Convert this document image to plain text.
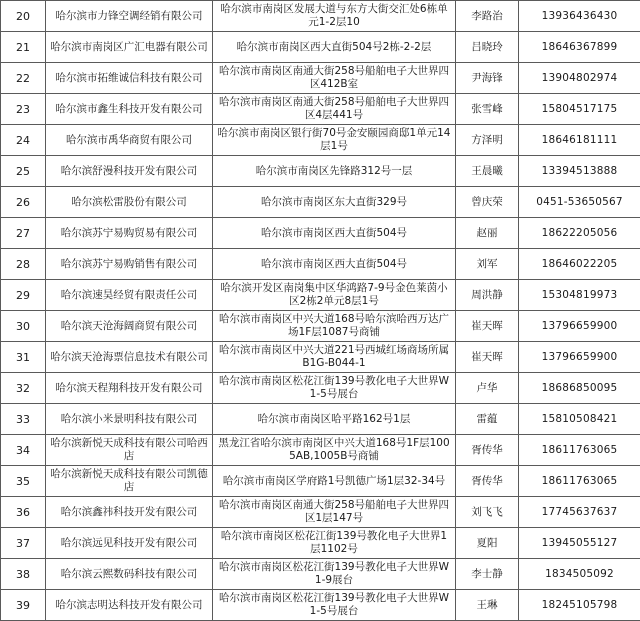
20	哈尔滨市力锋空调经销有限公司	哈尔滨市南岗区发展大道与东方大街交汇处6栋单元1-2层10	李路治	13936436430
21	哈尔滨市南岗区广汇电器有限公司	哈尔滨市南岗区西大直街504号2栋-2-2层	吕晓玲	18646367899
22	哈尔滨市拓维诚信科技有限公司	哈尔滨市南岗区南通大街258号船舶电子大世界四区412B室	尹海锋	13904802974
23	哈尔滨市鑫生科技开发有限公司	哈尔滨市南岗区南通大街258号船舶电子大世界四区4层441号	张雪峰	15804517175
24	哈尔滨市禹华商贸有限公司	哈尔滨市南岗区银行街70号金安颐园商邸1单元14层1号	方泽明	18646181111
25	哈尔滨舒漫科技开发有限公司	哈尔滨市南岗区先锋路312号一层	王晨曦	13394513888
26	哈尔滨松雷股份有限公司	哈尔滨市南岗区东大直街329号	曾庆荣	0451-53650567
27	哈尔滨苏宁易购贸易有限公司	哈尔滨市南岗区西大直街504号	赵丽	18622205056
28	哈尔滨苏宁易购销售有限公司	哈尔滨市南岗区西大直街504号	刘军	18646022205
29	哈尔滨速昊经贸有限责任公司	哈尔滨开发区南岗集中区华鸿路7-9号金色莱茵小区2栋2单元8层1号	周洪静	15304819973
30	哈尔滨天沧海阔商贸有限公司	哈尔滨市南岗区中兴大道168号哈尔滨哈西万达广场1F层1087号商铺	崔天晖	13796659900
31	哈尔滨天沧海票信息技术有限公司	哈尔滨市南岗区中兴大道221号西城红场商场所属B1G-B044-1	崔天晖	13796659900
32	哈尔滨天程翔科技开发有限公司	哈尔滨市南岗区松花江街139号教化电子大世界W1-5号展台	卢华	18686850095
33	哈尔滨小米景明科技有限公司	哈尔滨市南岗区哈平路162号1层	雷蕴	15810508421
34	哈尔滨新悦天成科技有限公司哈西店	黑龙江省哈尔滨市南岗区中兴大道168号1F层1005AB,1005B号商铺	胥传华	18611763065
35	哈尔滨新悦天成科技有限公司凯德店	哈尔滨市南岗区学府路1号凯德广场1层32-34号	胥传华	18611763065
36	哈尔滨鑫祎科技开发有限公司	哈尔滨市南岗区南通大街258号船舶电子大世界四区1层147号	刘飞飞	17745637637
37	哈尔滨远见科技开发有限公司	哈尔滨市南岗区松花江街139号教化电子大世界1层1102号	夏阳	13945055127
38	哈尔滨云熙数码科技有限公司	哈尔滨市南岗区松花江街139号教化电子大世界W1-9展台	李士静	1834505092
39	哈尔滨志明达科技开发有限公司	哈尔滨市南岗区松花江街139号教化电子大世界W1-5号展台	王琳	18245105798
